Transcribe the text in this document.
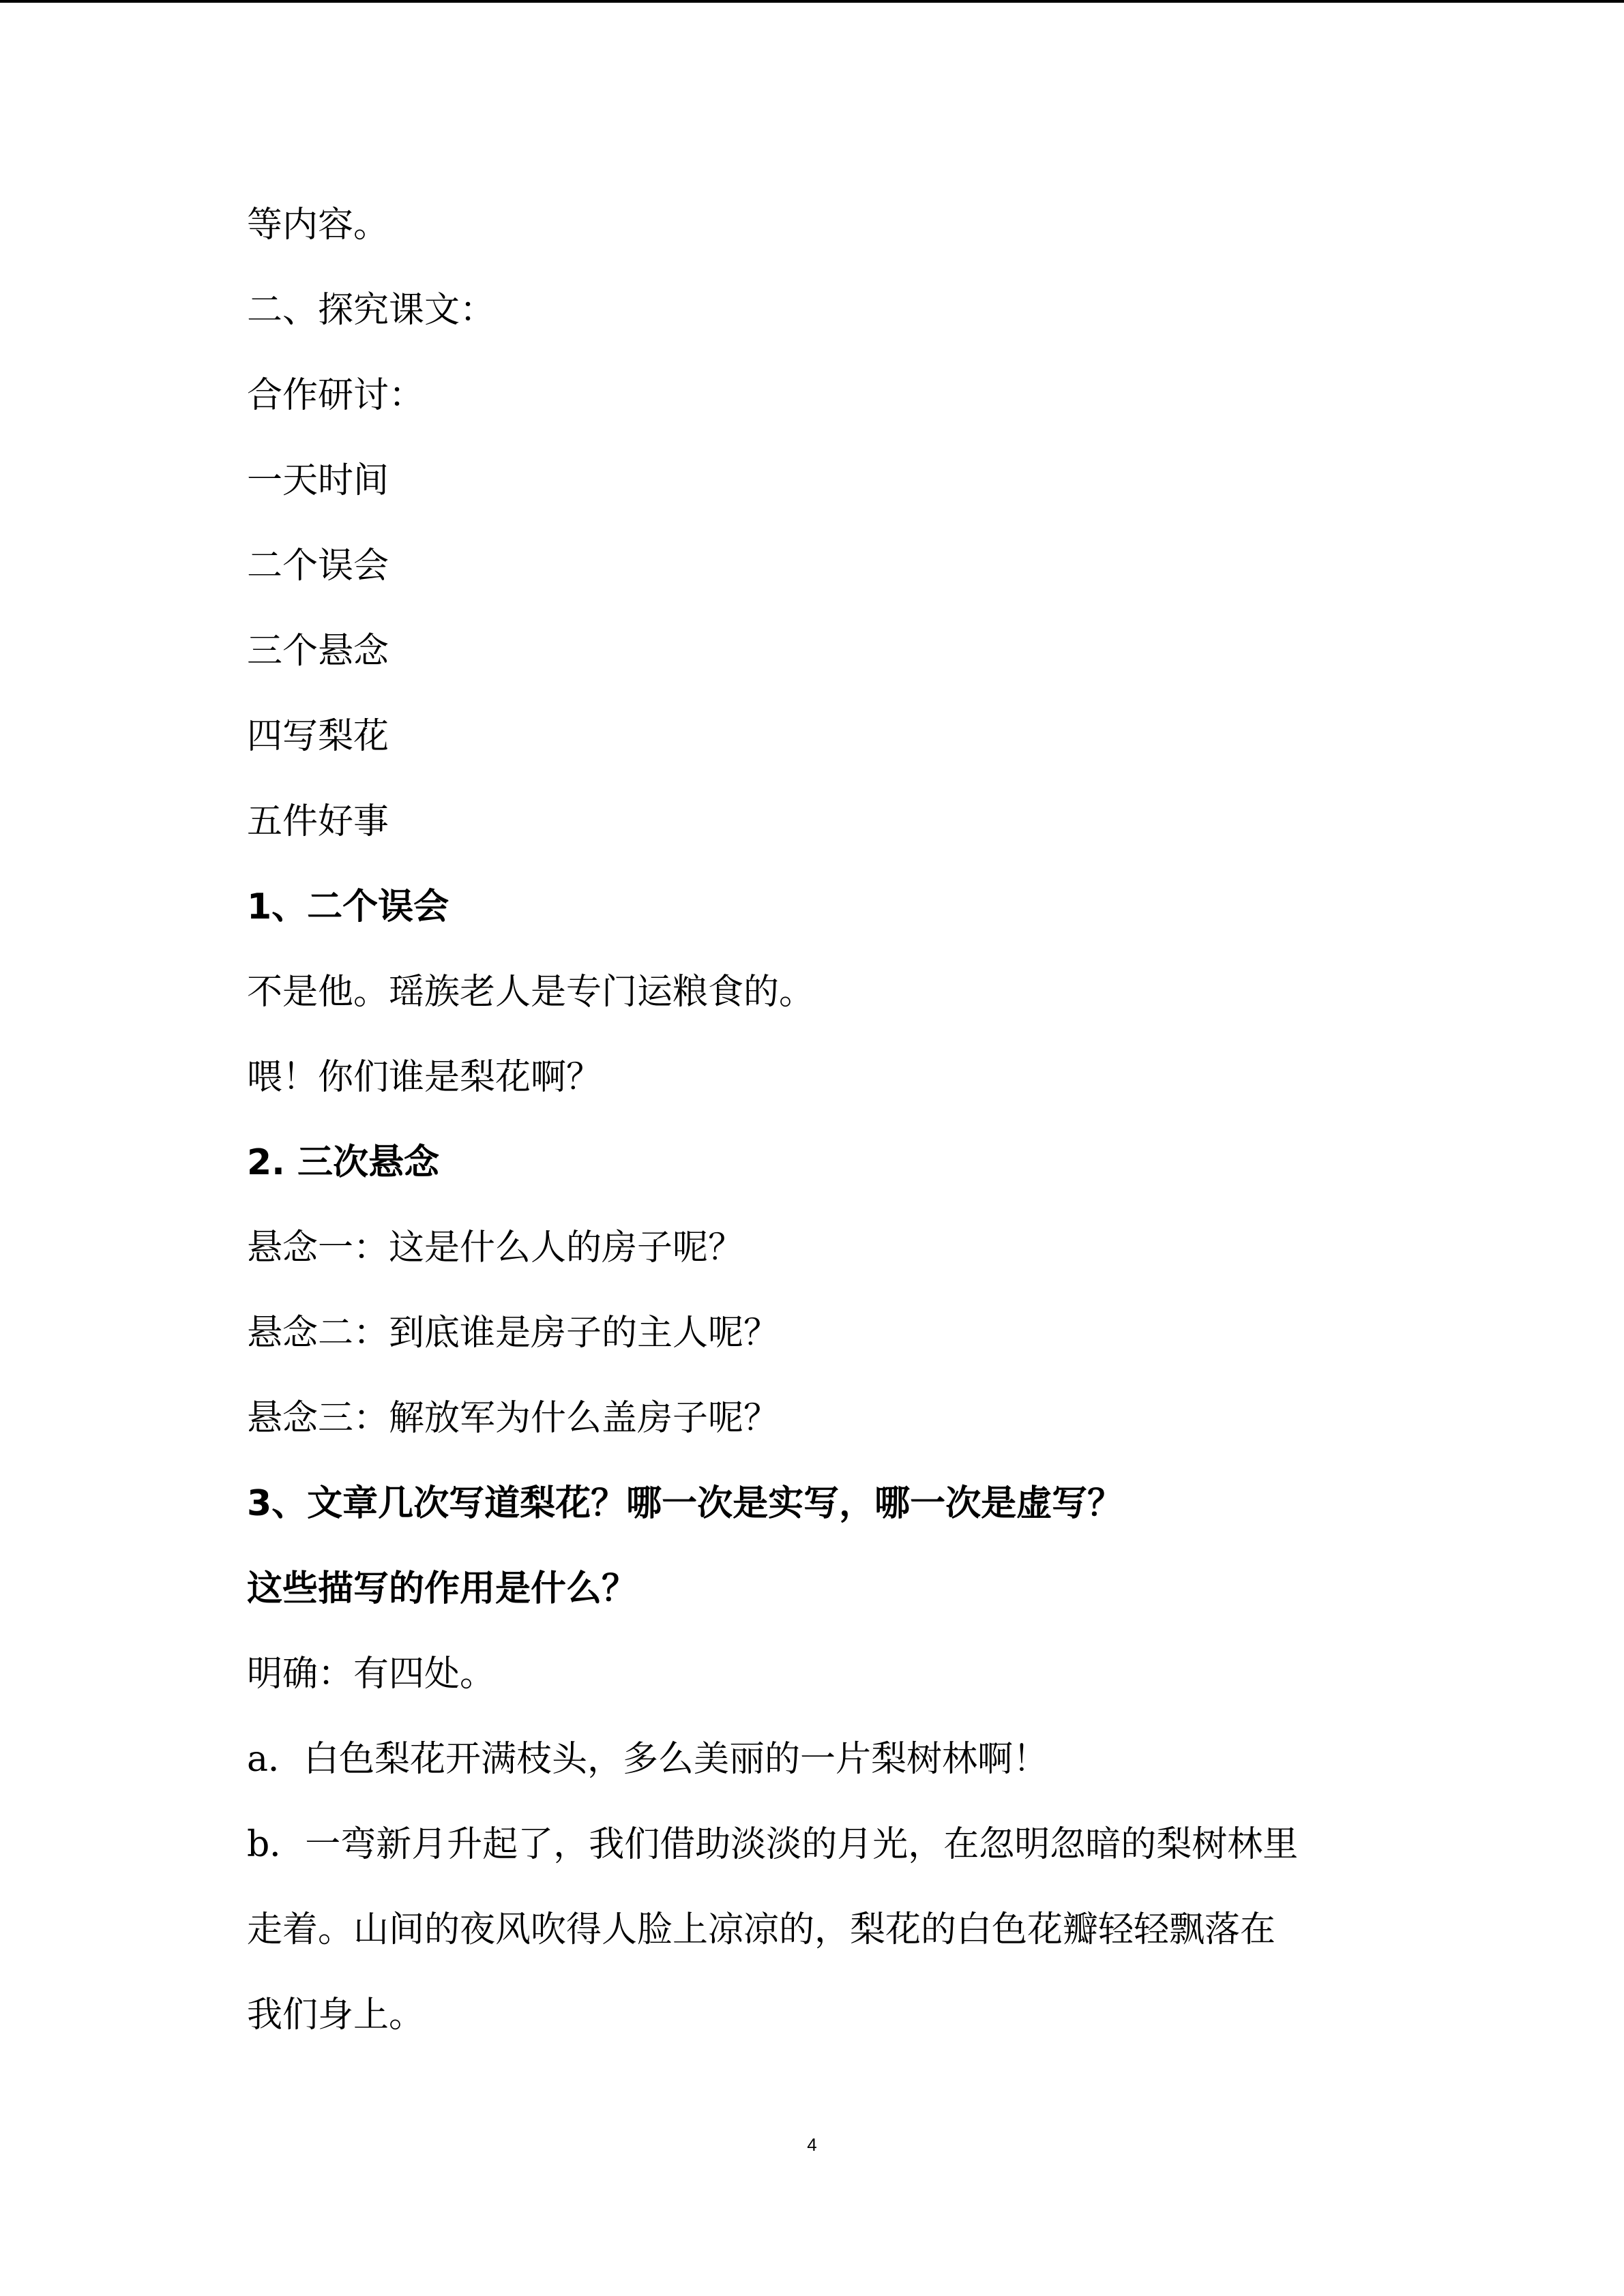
等内容。
二、探究课文：
合作研讨：
一天时间
二个误会
三个悬念
四写梨花
五件好事
1、二个误会
不是他。瑶族老人是专门运粮食的。
喂！你们谁是梨花啊？
2. 三次悬念
悬念一：这是什么人的房子呢？
悬念二：到底谁是房子的主人呢？
悬念三：解放军为什么盖房子呢？
3、文章几次写道梨花？哪一次是实写，哪一次是虚写？
这些描写的作用是什么？
明确：有四处。
a．白色梨花开满枝头，多么美丽的一片梨树林啊！
b．一弯新月升起了，我们借助淡淡的月光，在忽明忽暗的梨树林里
走着。山间的夜风吹得人脸上凉凉的，梨花的白色花瓣轻轻飘落在
我们身上。
4
